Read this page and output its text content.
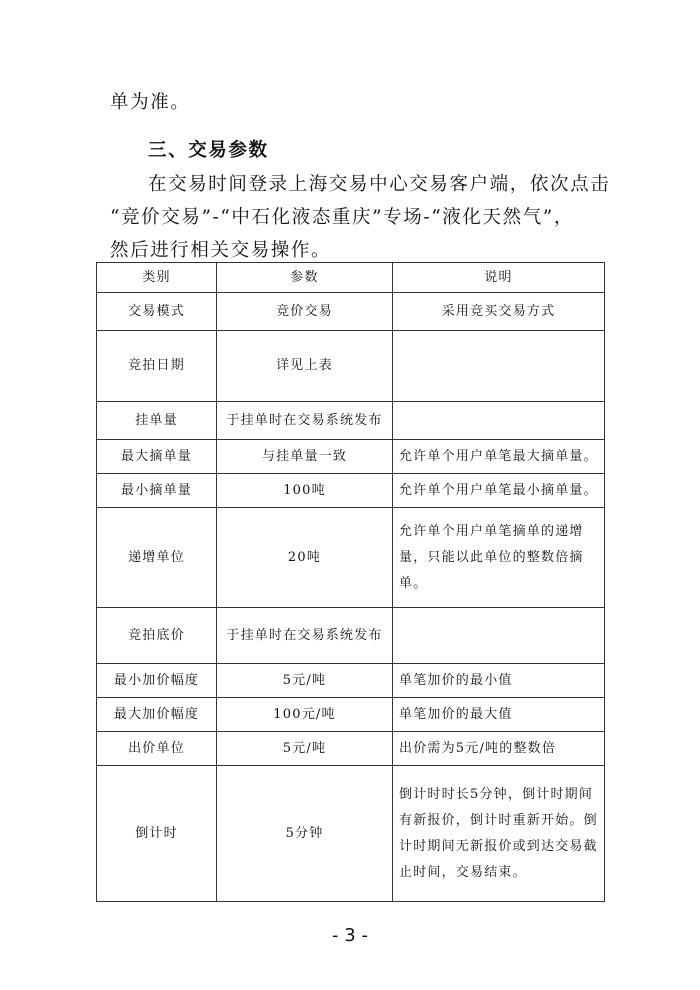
单为准。
三、交易参数
在交易时间登录上海交易中心交易客户端，依次点击
“竞价交易”-“中石化液态重庆”专场-“液化天然气”，
然后进行相关交易操作。
类别	参数	说明
交易模式	竞价交易	采用竞买交易方式
竞拍日期	详见上表	
挂单量	于挂单时在交易系统发布	
最大摘单量	与挂单量一致	允许单个用户单笔最大摘单量。
最小摘单量	100吨	允许单个用户单笔最小摘单量。
递增单位	20吨	允许单个用户单笔摘单的递增量，只能以此单位的整数倍摘单。
竞拍底价	于挂单时在交易系统发布	
最小加价幅度	5元/吨	单笔加价的最小值
最大加价幅度	100元/吨	单笔加价的最大值
出价单位	5元/吨	出价需为5元/吨的整数倍
倒计时	5分钟	倒计时时长5分钟，倒计时期间有新报价，倒计时重新开始。倒计时期间无新报价或到达交易截止时间，交易结束。
- 3 -
